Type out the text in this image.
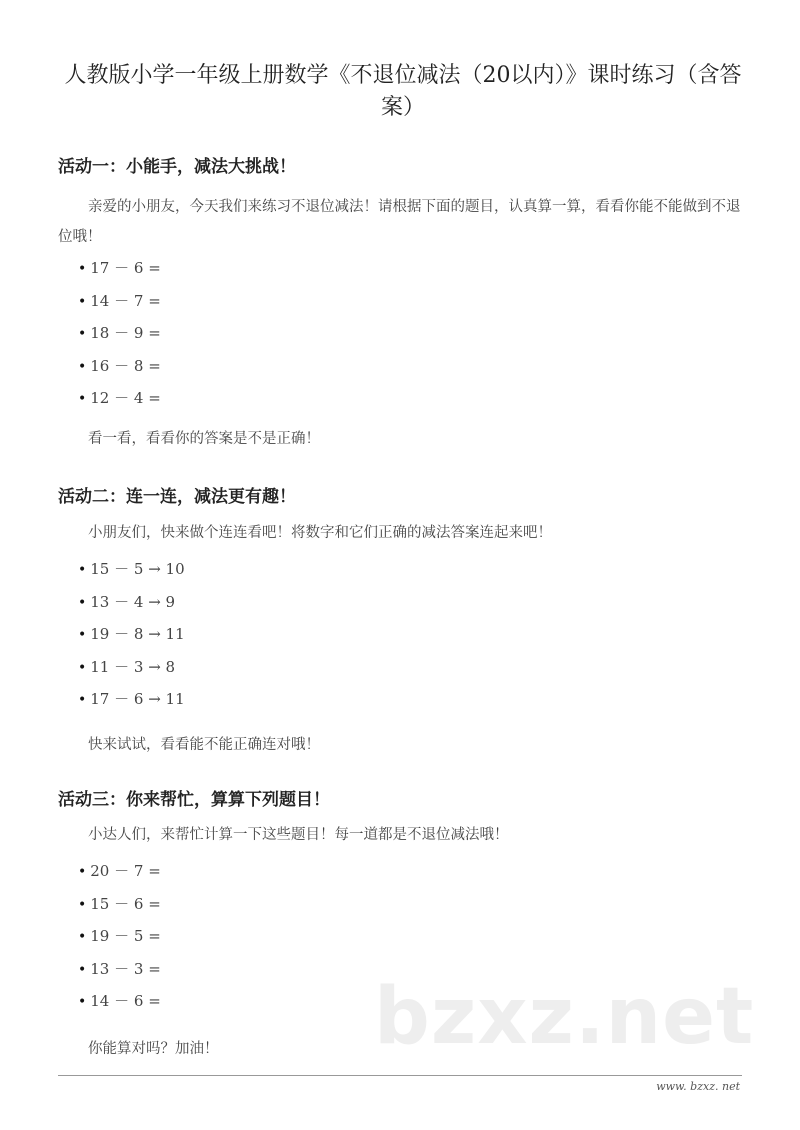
人教版小学一年级上册数学《不退位减法（20以内）》课时练习（含答案）
活动一：小能手，减法大挑战！
亲爱的小朋友，今天我们来练习不退位减法！请根据下面的题目，认真算一算，看看你能不能做到不退位哦！
• 17 － 6 =
• 14 － 7 =
• 18 － 9 =
• 16 － 8 =
• 12 － 4 =
看一看，看看你的答案是不是正确！
活动二：连一连，减法更有趣！
小朋友们，快来做个连连看吧！将数字和它们正确的减法答案连起来吧！
• 15 － 5 → 10
• 13 － 4 → 9
• 19 － 8 → 11
• 11 － 3 → 8
• 17 － 6 → 11
快来试试，看看能不能正确连对哦！
活动三：你来帮忙，算算下列题目！
小达人们，来帮忙计算一下这些题目！每一道都是不退位减法哦！
• 20 － 7 =
• 15 － 6 =
• 19 － 5 =
• 13 － 3 =
• 14 － 6 =
你能算对吗？加油！	bzxz.net
www. bzxz. net
